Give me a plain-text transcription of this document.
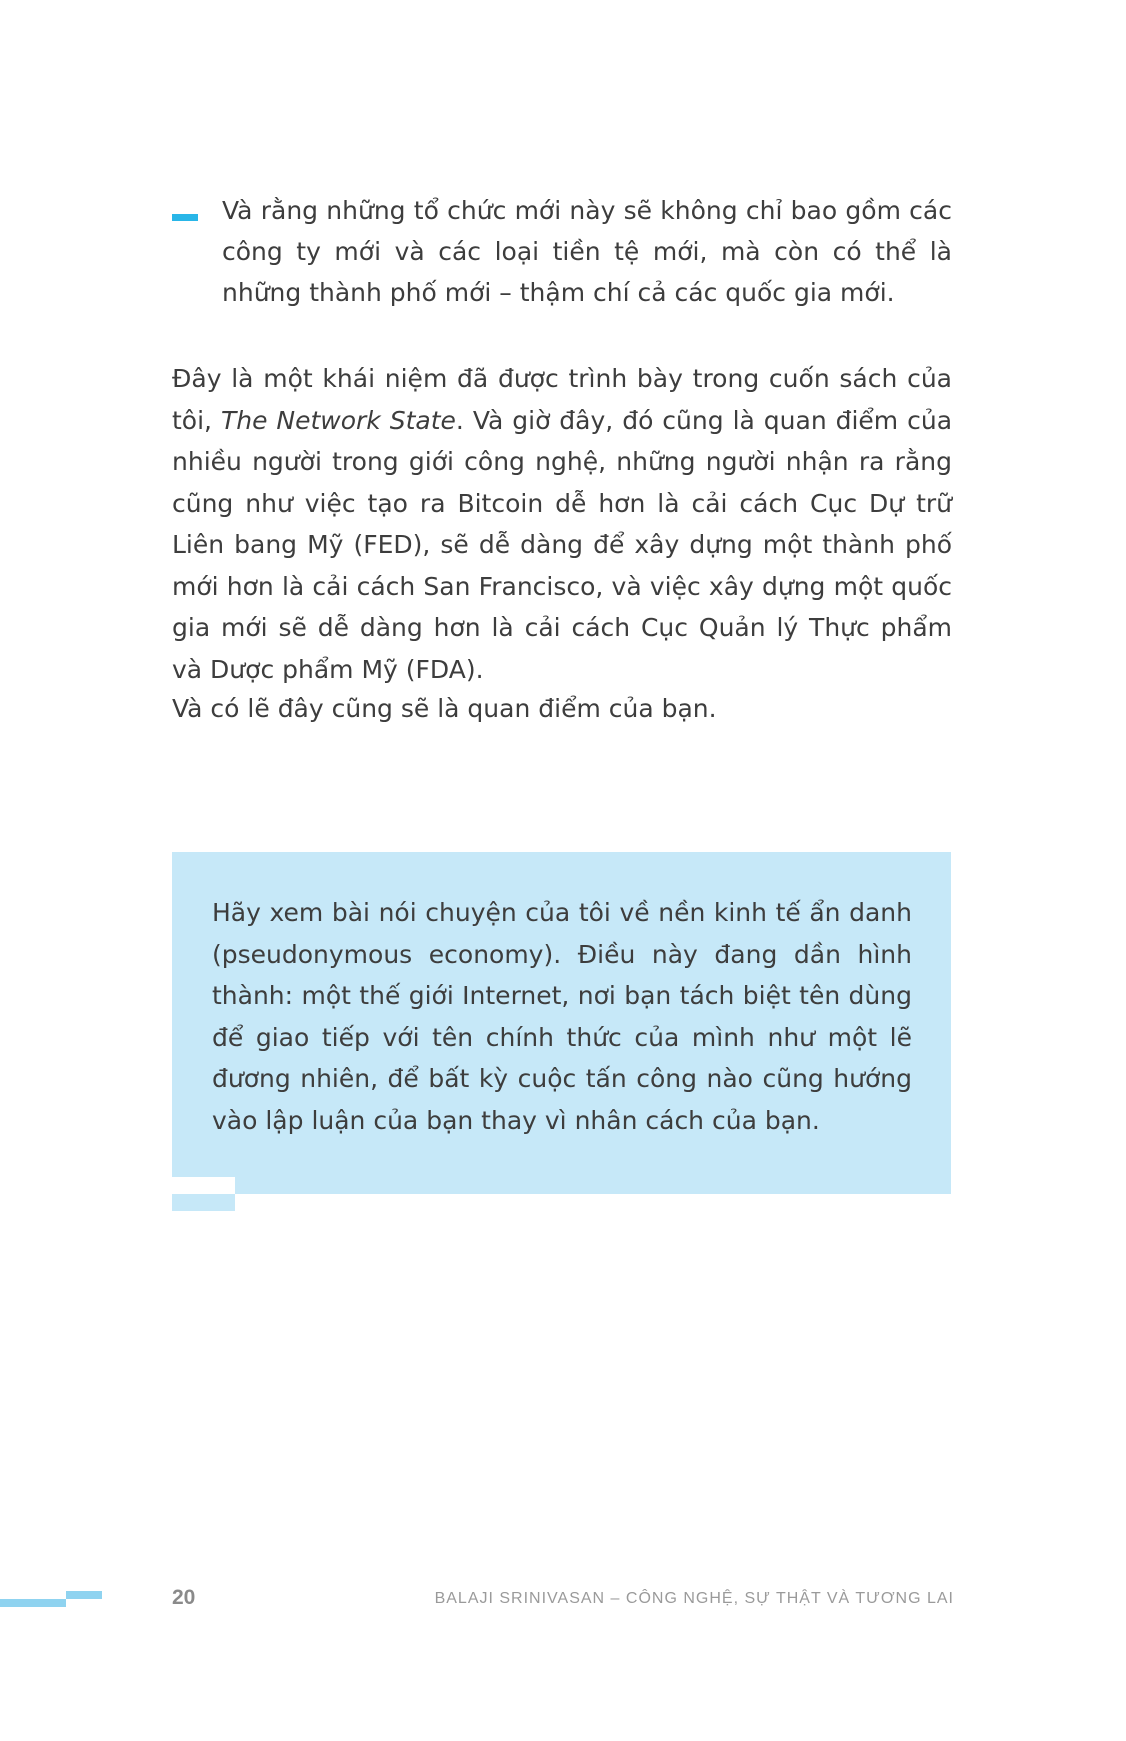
Và rằng những tổ chức mới này sẽ không chỉ bao gồm các công ty mới và các loại tiền tệ mới, mà còn có thể là những thành phố mới – thậm chí cả các quốc gia mới.

Đây là một khái niệm đã được trình bày trong cuốn sách của tôi, The Network State. Và giờ đây, đó cũng là quan điểm của nhiều người trong giới công nghệ, những người nhận ra rằng cũng như việc tạo ra Bitcoin dễ hơn là cải cách Cục Dự trữ Liên bang Mỹ (FED), sẽ dễ dàng để xây dựng một thành phố mới hơn là cải cách San Francisco, và việc xây dựng một quốc gia mới sẽ dễ dàng hơn là cải cách Cục Quản lý Thực phẩm và Dược phẩm Mỹ (FDA).

Và có lẽ đây cũng sẽ là quan điểm của bạn.

Hãy xem bài nói chuyện của tôi về nền kinh tế ẩn danh (pseudonymous economy). Điều này đang dần hình thành: một thế giới Internet, nơi bạn tách biệt tên dùng để giao tiếp với tên chính thức của mình như một lẽ đương nhiên, để bất kỳ cuộc tấn công nào cũng hướng vào lập luận của bạn thay vì nhân cách của bạn.

20	BALAJI SRINIVASAN – CÔNG NGHỆ, SỰ THẬT VÀ TƯƠNG LAI
